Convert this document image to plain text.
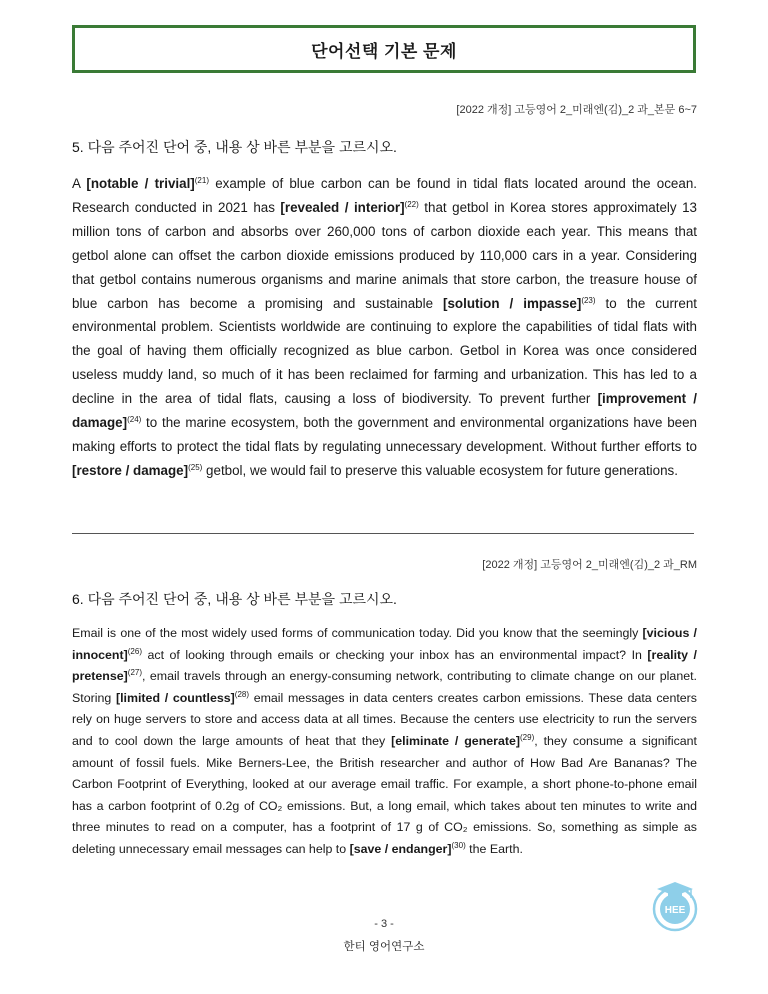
단어선택 기본 문제
[2022 개정] 고등영어 2_미래엔(김)_2 과_본문 6~7
5. 다음 주어진 단어 중, 내용 상 바른 부분을 고르시오.

A [notable / trivial]$^{(21)}$ example of blue carbon can be found in tidal flats located around the ocean. Research conducted in 2021 has [revealed / interior]$^{(22)}$ that getbol in Korea stores approximately 13 million tons of carbon and absorbs over 260,000 tons of carbon dioxide each year. This means that getbol alone can offset the carbon dioxide emissions produced by 110,000 cars in a year. Considering that getbol contains numerous organisms and marine animals that store carbon, the treasure house of blue carbon has become a promising and sustainable [solution / impasse]$^{(23)}$ to the current environmental problem. Scientists worldwide are continuing to explore the capabilities of tidal flats with the goal of having them officially recognized as blue carbon. Getbol in Korea was once considered useless muddy land, so much of it has been reclaimed for farming and urbanization. This has led to a decline in the area of tidal flats, causing a loss of biodiversity. To prevent further [improvement / damage]$^{(24)}$ to the marine ecosystem, both the government and environmental organizations have been making efforts to protect the tidal flats by regulating unnecessary development. Without further efforts to [restore / damage]$^{(25)}$ getbol, we would fail to preserve this valuable ecosystem for future generations.

[2022 개정] 고등영어 2_미래엔(김)_2 과_RM
6. 다음 주어진 단어 중, 내용 상 바른 부분을 고르시오.

Email is one of the most widely used forms of communication today. Did you know that the seemingly [vicious / innocent]$^{(26)}$ act of looking through emails or checking your inbox has an environmental impact? In [reality / pretense]$^{(27)}$, email travels through an energy-consuming network, contributing to climate change on our planet. Storing [limited / countless]$^{(28)}$ email messages in data centers creates carbon emissions. These data centers rely on huge servers to store and access data at all times. Because the centers use electricity to run the servers and to cool down the large amounts of heat that they [eliminate / generate]$^{(29)}$, they consume a significant amount of fossil fuels. Mike Berners-Lee, the British researcher and author of How Bad Are Bananas? The Carbon Footprint of Everything, looked at our average email traffic. For example, a short phone-to-phone email has a carbon footprint of 0.2g of CO₂ emissions. But, a long email, which takes about ten minutes to write and three minutes to read on a computer, has a footprint of 17 g of CO₂ emissions. So, something as simple as deleting unnecessary email messages can help to [save / endanger]$^{(30)}$ the Earth.

- 3 -
한티 영어연구소
HEE
